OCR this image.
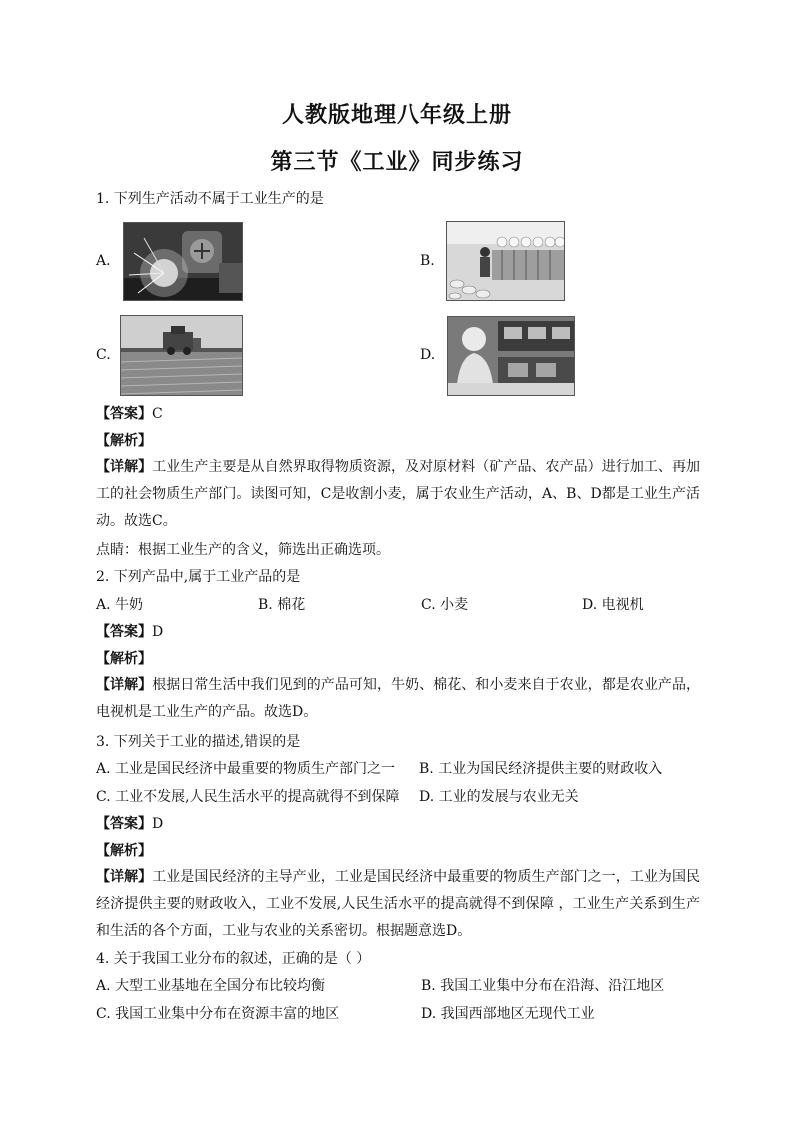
人教版地理八年级上册
第三节《工业》同步练习
1. 下列生产活动不属于工业生产的是
A.	B.
C.	D.
【答案】C
【解析】
【详解】工业生产主要是从自然界取得物质资源，及对原材料（矿产品、农产品）进行加工、再加工的社会物质生产部门。读图可知，C是收割小麦，属于农业生产活动，A、B、D都是工业生产活动。故选C。
点睛：根据工业生产的含义，筛选出正确选项。
2. 下列产品中,属于工业产品的是
A. 牛奶	B. 棉花	C. 小麦	D. 电视机
【答案】D
【解析】
【详解】根据日常生活中我们见到的产品可知，牛奶、棉花、和小麦来自于农业，都是农业产品，电视机是工业生产的产品。故选D。
3. 下列关于工业的描述,错误的是
A. 工业是国民经济中最重要的物质生产部门之一 B. 工业为国民经济提供主要的财政收入
C. 工业不发展,人民生活水平的提高就得不到保障 D. 工业的发展与农业无关
【答案】D
【解析】
【详解】工业是国民经济的主导产业，工业是国民经济中最重要的物质生产部门之一，工业为国民经济提供主要的财政收入，工业不发展,人民生活水平的提高就得不到保障 ，工业生产关系到生产和生活的各个方面，工业与农业的关系密切。根据题意选D。
4. 关于我国工业分布的叙述，正确的是（ ）
A. 大型工业基地在全国分布比较均衡	B. 我国工业集中分布在沿海、沿江地区
C. 我国工业集中分布在资源丰富的地区	D. 我国西部地区无现代工业
